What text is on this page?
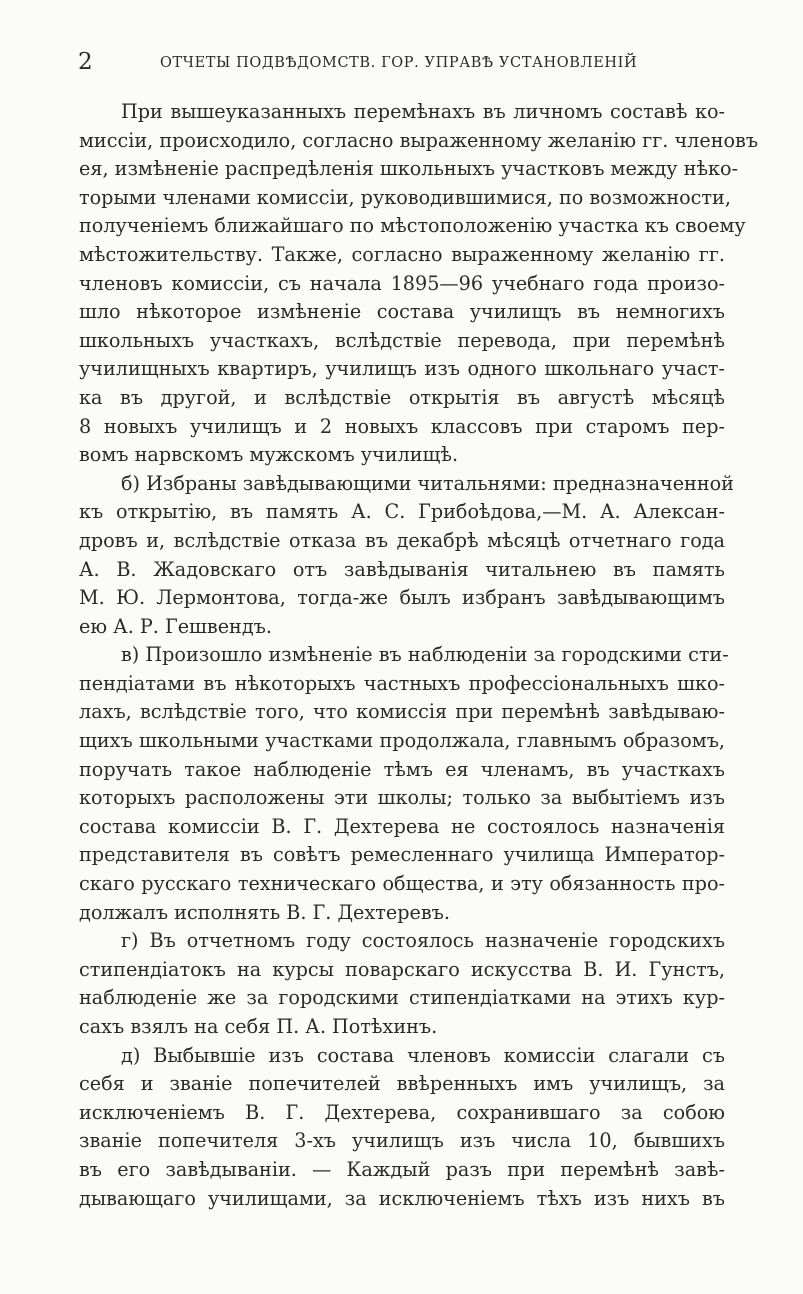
2	ОТЧЕТЫ ПОДВѢДОМСТВ. ГОР. УПРАВѢ УСТАНОВЛЕНІЙ
При вышеуказанныхъ перемѣнахъ въ личномъ составѣ ко-
миссіи, происходило, согласно выраженному желанію гг. членовъ
ея, измѣненіе распредѣленія школьныхъ участковъ между нѣко-
торыми членами комиссіи, руководившимися, по возможности,
полученіемъ ближайшаго по мѣстоположенію участка къ своему
мѣстожительству. Также, согласно выраженному желанію гг.
членовъ комиссіи, съ начала 1895—96 учебнаго года произо-
шло нѣкоторое измѣненіе состава училищъ въ немногихъ
школьныхъ участкахъ, вслѣдствіе перевода, при перемѣнѣ
училищныхъ квартиръ, училищъ изъ одного школьнаго участ-
ка въ другой, и вслѣдствіе открытія въ августѣ мѣсяцѣ
8 новыхъ училищъ и 2 новыхъ классовъ при старомъ пер-
вомъ нарвскомъ мужскомъ училищѣ.
б) Избраны завѣдывающими читальнями: предназначенной
къ открытію, въ память А. С. Грибоѣдова,—М. А. Алексан-
дровъ и, вслѣдствіе отказа въ декабрѣ мѣсяцѣ отчетнаго года
А. В. Жадовскаго отъ завѣдыванія читальнею въ память
М. Ю. Лермонтова, тогда-же былъ избранъ завѣдывающимъ
ею А. Р. Гешвендъ.
в) Произошло измѣненіе въ наблюденіи за городскими сти-
пендіатами въ нѣкоторыхъ частныхъ профессіональныхъ шко-
лахъ, вслѣдствіе того, что комиссія при перемѣнѣ завѣдываю-
щихъ школьными участками продолжала, главнымъ образомъ,
поручать такое наблюденіе тѣмъ ея членамъ, въ участкахъ
которыхъ расположены эти школы; только за выбытіемъ изъ
состава комиссіи В. Г. Дехтерева не состоялось назначенія
представителя въ совѣтъ ремесленнаго училища Император-
скаго русскаго техническаго общества, и эту обязанность про-
должалъ исполнять В. Г. Дехтеревъ.
г) Въ отчетномъ году состоялось назначеніе городскихъ
стипендіатокъ на курсы поварскаго искусства В. И. Гунстъ,
наблюденіе же за городскими стипендіатками на этихъ кур-
сахъ взялъ на себя П. А. Потѣхинъ.
д) Выбывшіе изъ состава членовъ комиссіи слагали съ
себя и званіе попечителей ввѣренныхъ имъ училищъ, за
исключеніемъ В. Г. Дехтерева, сохранившаго за собою
званіе попечителя 3-хъ училищъ изъ числа 10, бывшихъ
въ его завѣдываніи. — Каждый разъ при перемѣнѣ завѣ-
дывающаго училищами, за исключеніемъ тѣхъ изъ нихъ въ
